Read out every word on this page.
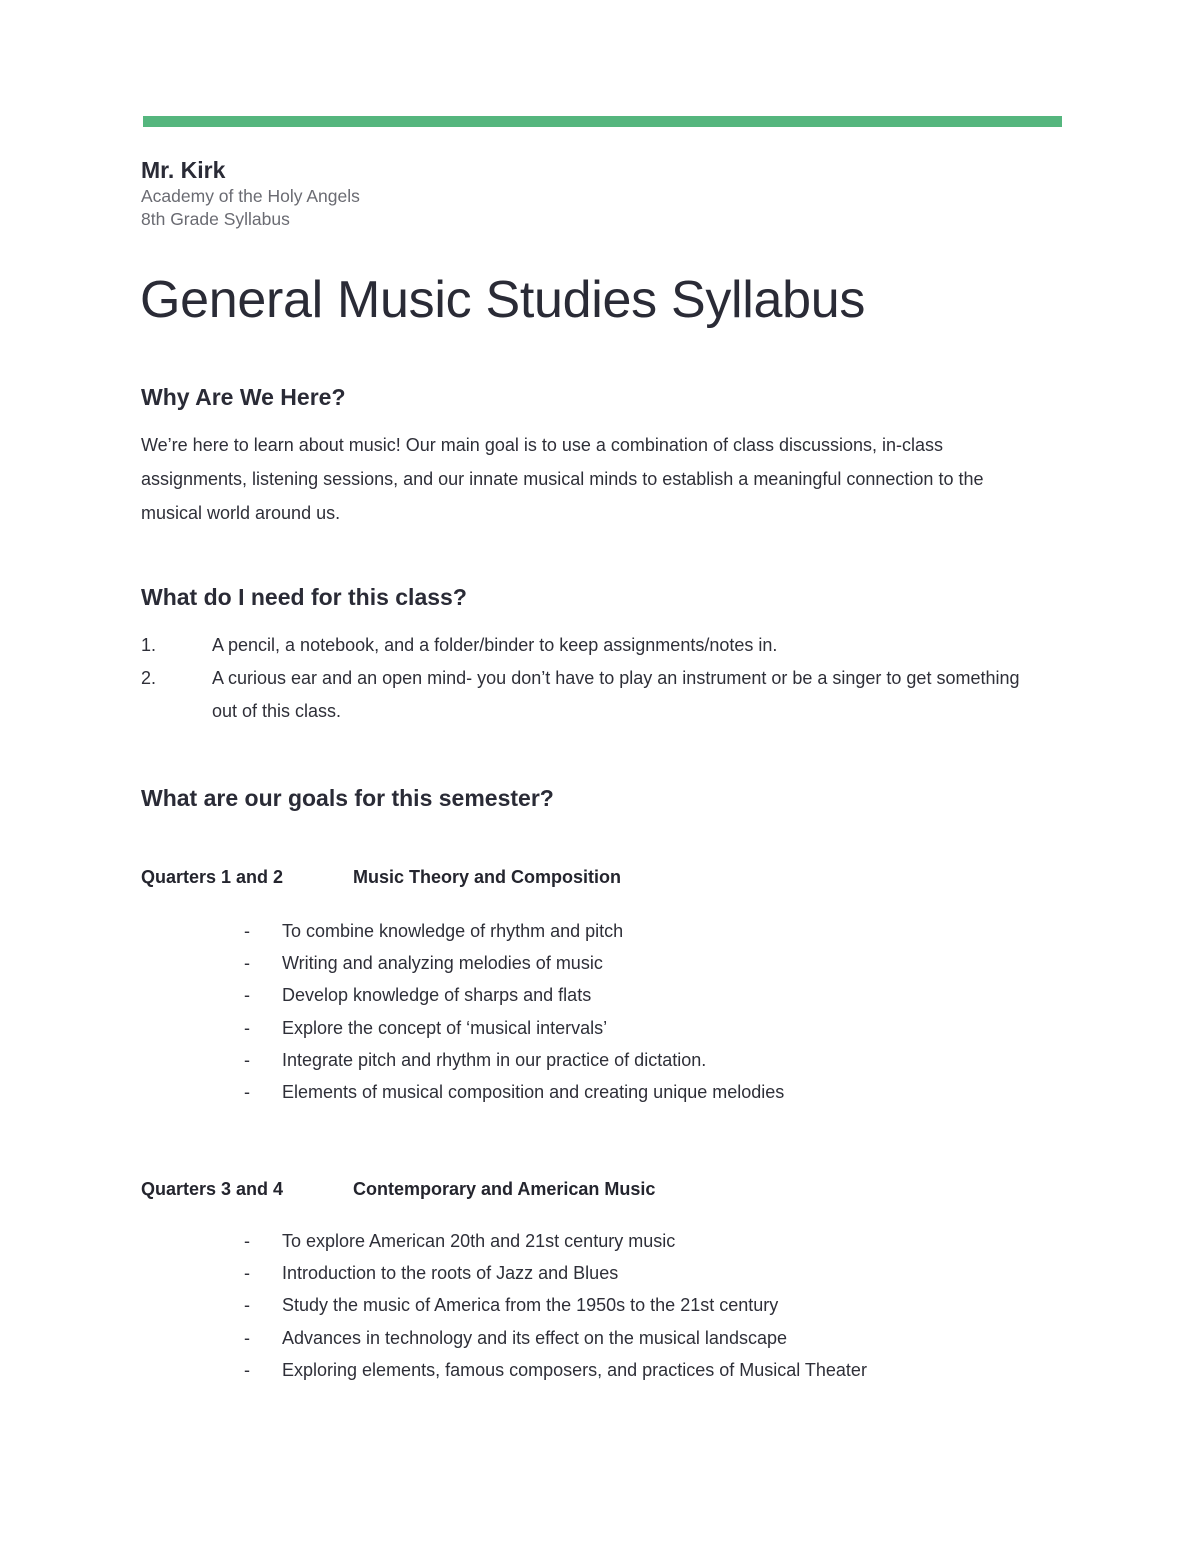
Mr. Kirk

Academy of the Holy Angels

8th Grade Syllabus

General Music Studies Syllabus
Why Are We Here?

We’re here to learn about music! Our main goal is to use a combination of class discussions, in-class assignments, listening sessions, and our innate musical minds to establish a meaningful connection to the musical world around us.

What do I need for this class?
1.	A pencil, a notebook, and a folder/binder to keep assignments/notes in.
2.	A curious ear and an open mind- you don’t have to play an instrument or be a singer to get something out of this class.
What are our goals for this semester?
Quarters 1 and 2	Music Theory and Composition
- To combine knowledge of rhythm and pitch
- Writing and analyzing melodies of music
- Develop knowledge of sharps and flats
- Explore the concept of ‘musical intervals’
- Integrate pitch and rhythm in our practice of dictation.
- Elements of musical composition and creating unique melodies
Quarters 3 and 4	Contemporary and American Music
- To explore American 20th and 21st century music
- Introduction to the roots of Jazz and Blues
- Study the music of America from the 1950s to the 21st century
- Advances in technology and its effect on the musical landscape
- Exploring elements, famous composers, and practices of Musical Theater
